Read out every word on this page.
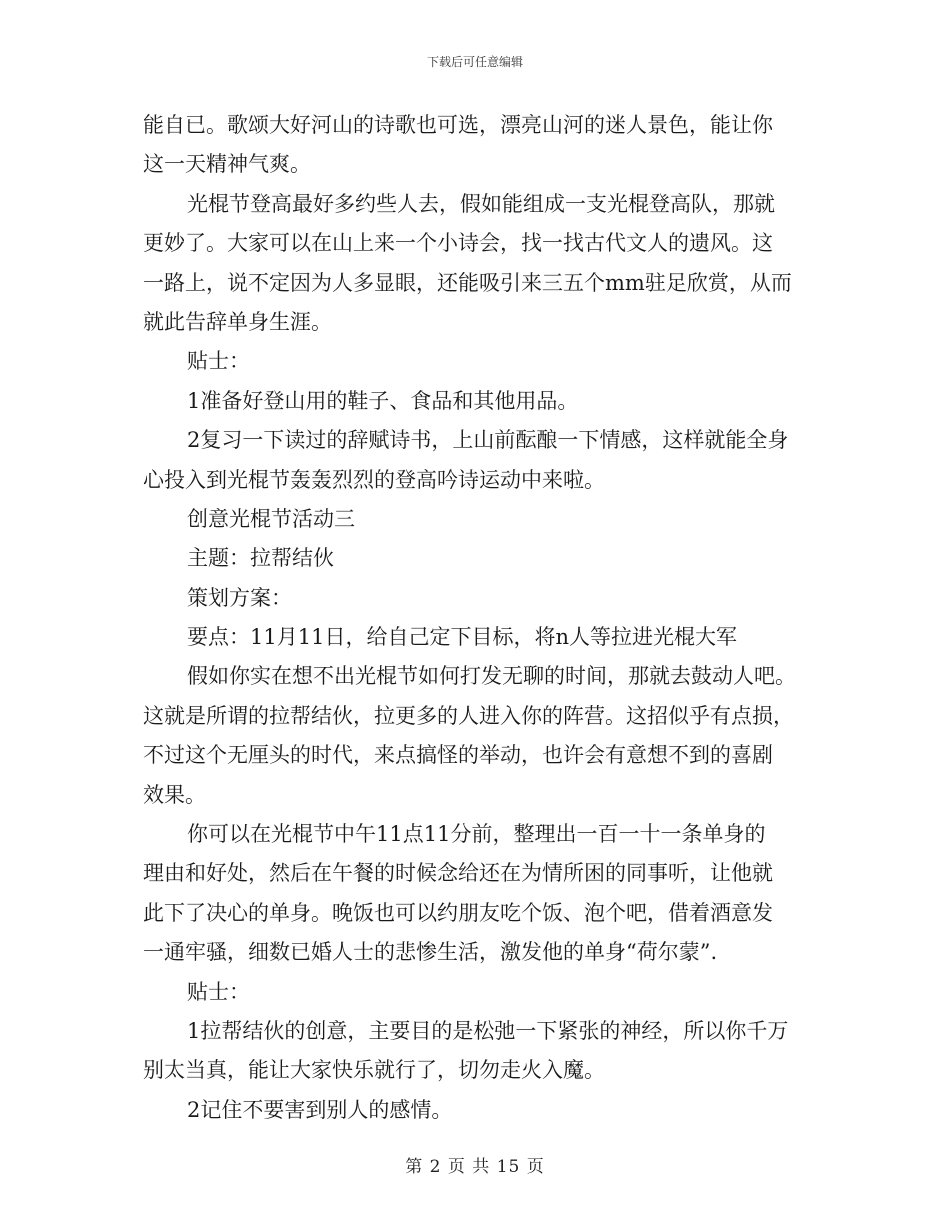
下载后可任意编辑
能自已。歌颂大好河山的诗歌也可选，漂亮山河的迷人景色，能让你
这一天精神气爽。
光棍节登高最好多约些人去，假如能组成一支光棍登高队，那就
更妙了。大家可以在山上来一个小诗会，找一找古代文人的遗风。这
一路上，说不定因为人多显眼，还能吸引来三五个mm驻足欣赏，从而
就此告辞单身生涯。
贴士：
1准备好登山用的鞋子、食品和其他用品。
2复习一下读过的辞赋诗书，上山前酝酿一下情感，这样就能全身
心投入到光棍节轰轰烈烈的登高吟诗运动中来啦。
创意光棍节活动三
主题：拉帮结伙
策划方案：
要点：11月11日，给自己定下目标，将n人等拉进光棍大军
假如你实在想不出光棍节如何打发无聊的时间，那就去鼓动人吧。
这就是所谓的拉帮结伙，拉更多的人进入你的阵营。这招似乎有点损，
不过这个无厘头的时代，来点搞怪的举动，也许会有意想不到的喜剧
效果。
你可以在光棍节中午11点11分前，整理出一百一十一条单身的
理由和好处，然后在午餐的时候念给还在为情所困的同事听，让他就
此下了决心的单身。晚饭也可以约朋友吃个饭、泡个吧，借着酒意发
一通牢骚，细数已婚人士的悲惨生活，激发他的单身“荷尔蒙”.
贴士：
1拉帮结伙的创意，主要目的是松弛一下紧张的神经，所以你千万
别太当真，能让大家快乐就行了，切勿走火入魔。
2记住不要害到别人的感情。
第 2 页 共 15 页
